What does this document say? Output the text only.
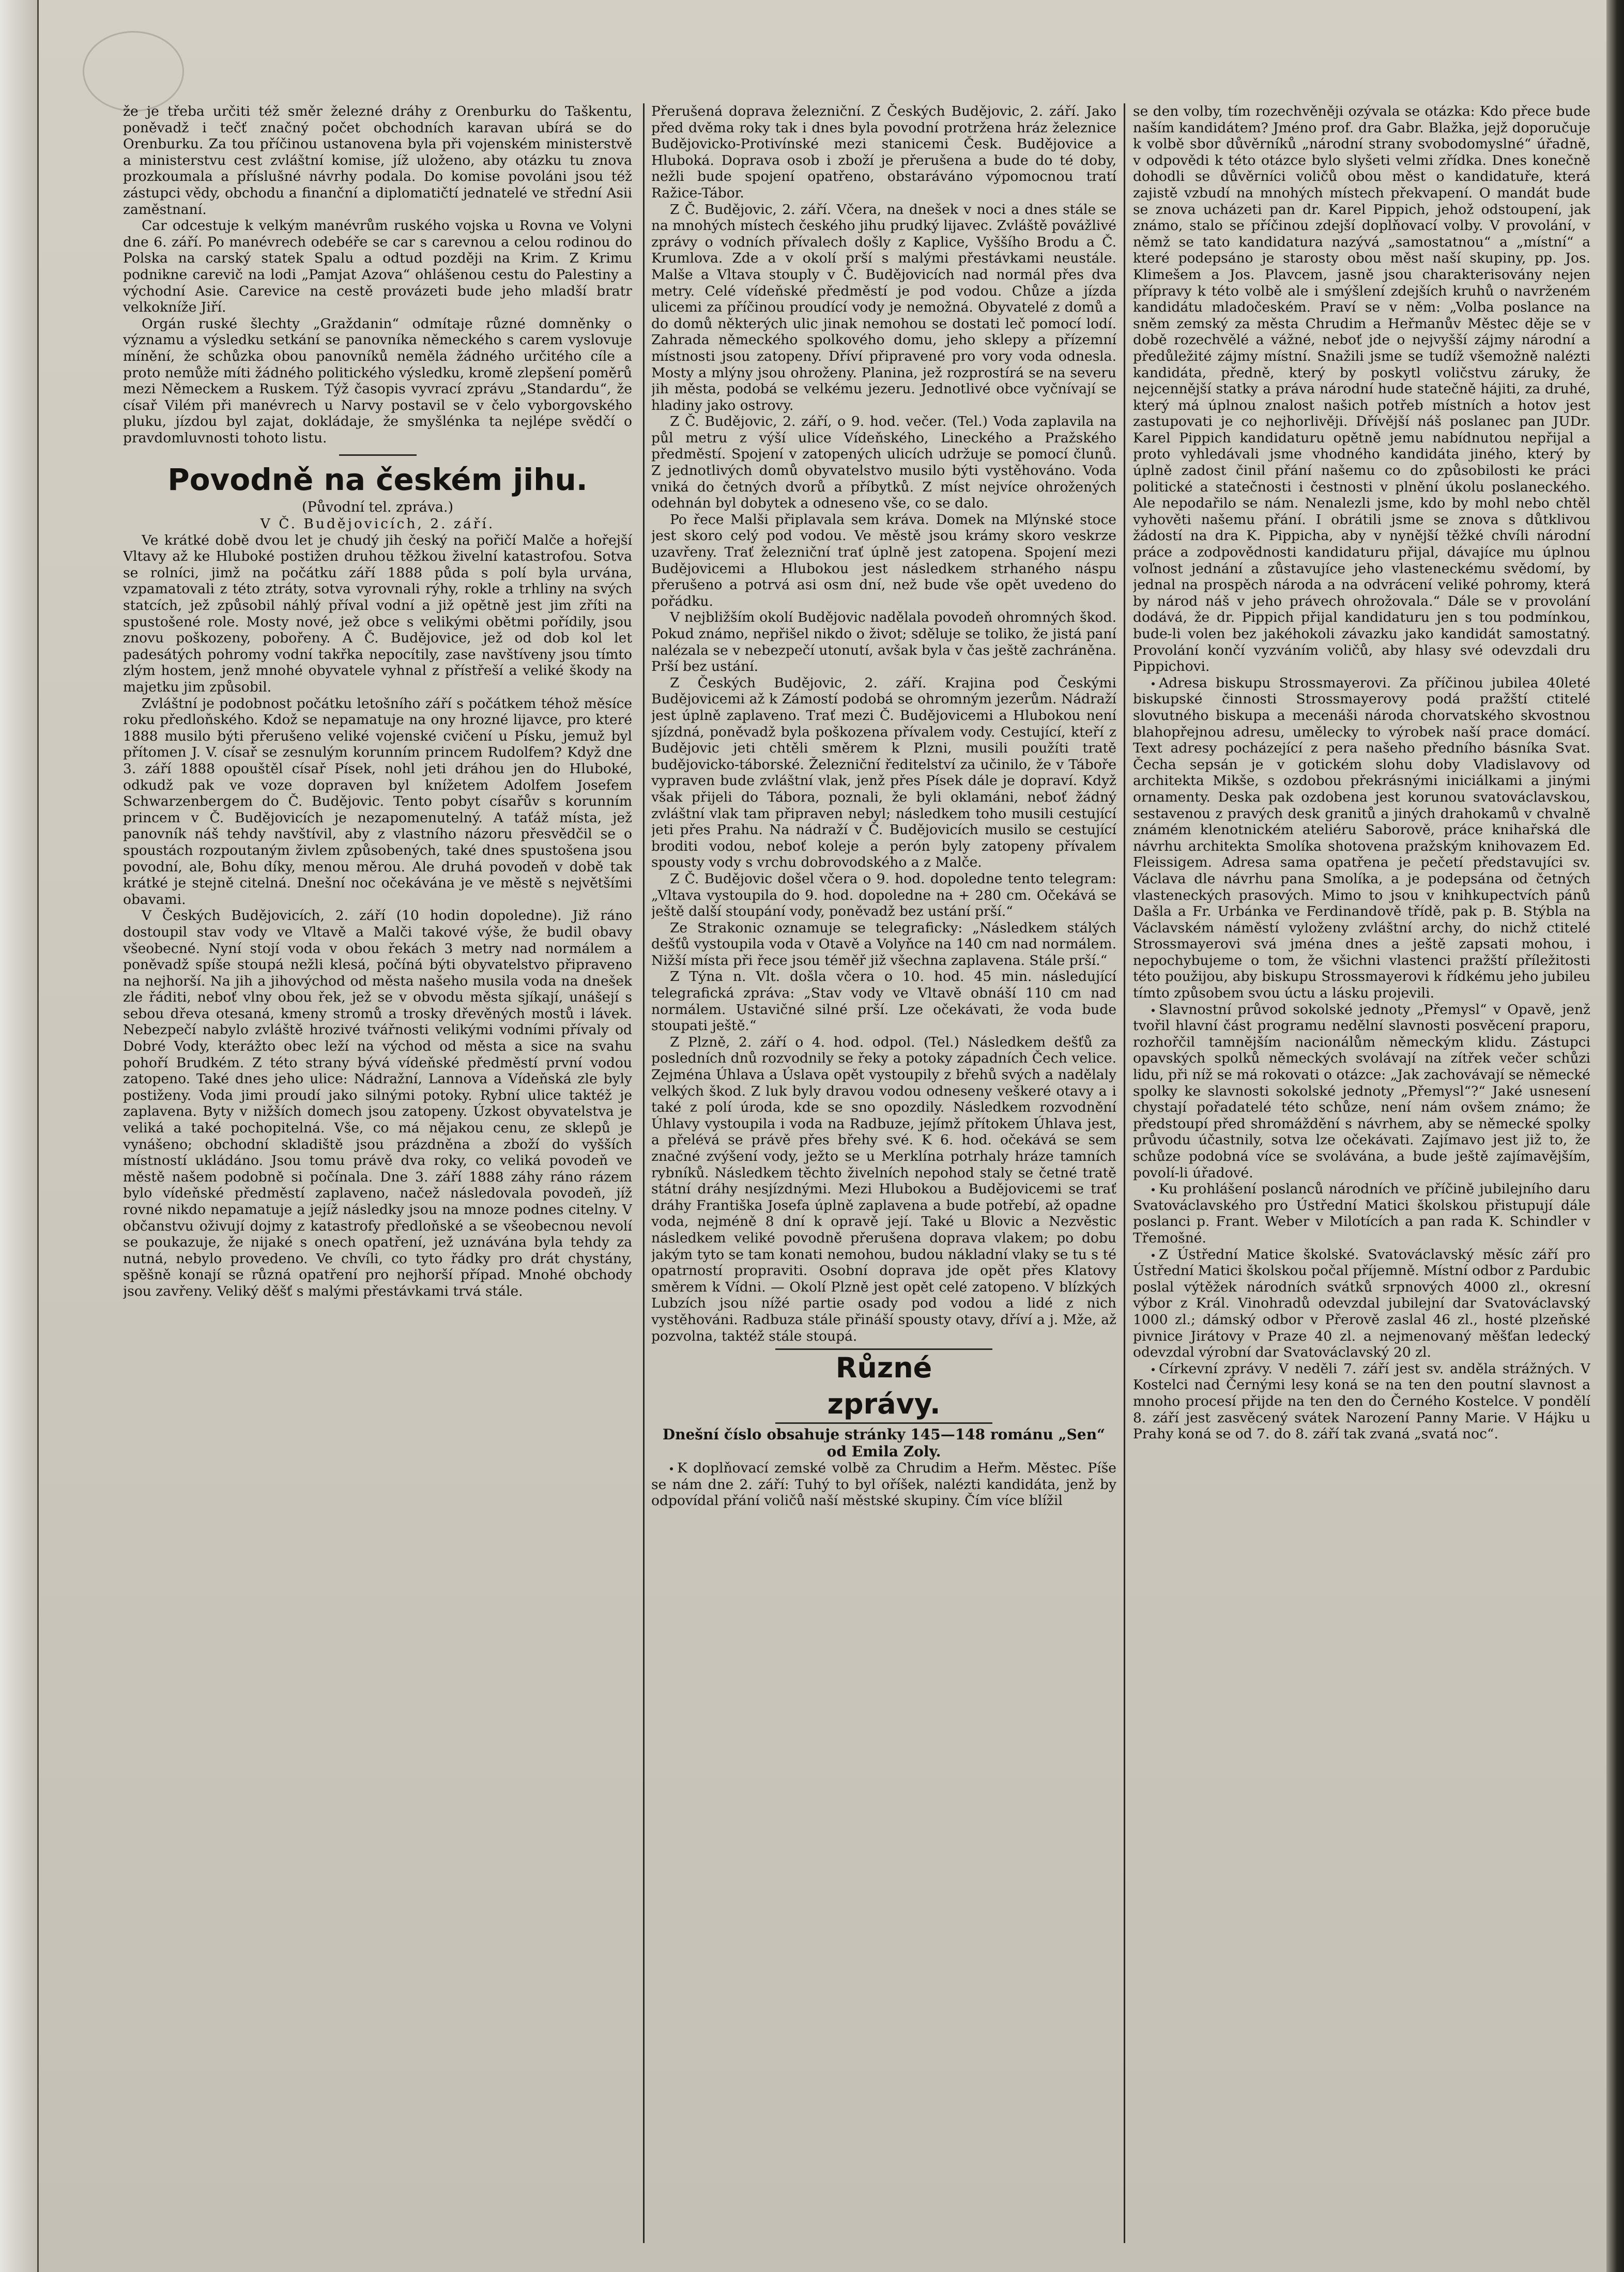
že je třeba určiti též směr železné dráhy z Orenburku do Taškentu, poněvadž i tečť značný počet obchodních karavan ubírá se do Orenburku. Za tou příčinou ustanovena byla při vojenském ministerstvě a ministerstvu cest zvláštní komise, jíž uloženo, aby otázku tu znova prozkoumala a příslušné návrhy podala. Do komise povoláni jsou též zástupci vědy, obchodu a finanční a diplomatičtí jednatelé ve střední Asii zaměstnaní.

Car odcestuje k velkým manévrům ruského vojska u Rovna ve Volyni dne 6. září. Po manévrech odebéře se car s carevnou a celou rodinou do Polska na carský statek Spalu a odtud později na Krim. Z Krimu podnikne carevič na lodi „Pamjat Azova“ ohlášenou cestu do Palestiny a východní Asie. Carevice na cestě provázeti bude jeho mladší bratr velkokníže Jiří.

Orgán ruské šlechty „Graždanin“ odmítaje různé domněnky o významu a výsledku setkání se panovníka německého s carem vyslovuje mínění, že schůzka obou panovníků neměla žádného určitého cíle a proto nemůže míti žádného politického výsledku, kromě zlepšení poměrů mezi Německem a Ruskem. Týž časopis vyvrací zprávu „Standardu“, že císař Vilém při manévrech u Narvy postavil se v čelo vyborgovského pluku, jízdou byl zajat, dokládaje, že smyšlénka ta nejlépe svědčí o pravdomluvnosti tohoto listu.

Povodně na českém jihu.

(Původní tel. zpráva.)

V Č. Budějovicích, 2. září.

Ve krátké době dvou let je chudý jih český na pořičí Malče a hořejší Vltavy až ke Hluboké postižen druhou těžkou živelní katastrofou. Sotva se rolníci, jimž na počátku září 1888 půda s polí byla urvána, vzpamatovali z této ztráty, sotva vyrovnali rýhy, rokle a trhliny na svých statcích, jež způsobil náhlý příval vodní a již opětně jest jim zříti na spustošené role. Mosty nové, jež obce s velikými obětmi pořídily, jsou znovu poškozeny, pobořeny. A Č. Budějovice, jež od dob kol let padesátých pohromy vodní takřka nepocítily, zase navštíveny jsou tímto zlým hostem, jenž mnohé obyvatele vyhnal z přístřeší a veliké škody na majetku jim způsobil.

Zvláštní je podobnost počátku letošního září s počátkem téhož měsíce roku předloňského. Kdož se nepamatuje na ony hrozné lijavce, pro které 1888 musilo býti přerušeno veliké vojenské cvičení u Písku, jemuž byl přítomen J. V. císař se zesnulým korunním princem Rudolfem? Když dne 3. září 1888 opouštěl císař Písek, nohl jeti dráhou jen do Hluboké, odkudž pak ve voze dopraven byl knížetem Adolfem Josefem Schwarzenbergem do Č. Budějovic. Tento pobyt císařův s korunním princem v Č. Budějovicích je nezapomenutelný. A taťáž místa, jež panovník náš tehdy navštívil, aby z vlastního názoru přesvědčil se o spoustách rozpoutaným živlem způsobených, také dnes spustošena jsou povodní, ale, Bohu díky, menou měrou. Ale druhá povodeň v době tak krátké je stejně citelná. Dnešní noc očekávána je ve městě s největšími obavami.

V Českých Budějovicích, 2. září (10 hodin dopoledne). Již ráno dostoupil stav vody ve Vltavě a Malči takové výše, že budil obavy všeobecné. Nyní stojí voda v obou řekách 3 metry nad normálem a poněvadž spíše stoupá nežli klesá, počíná býti obyvatelstvo připraveno na nejhorší. Na jih a jihovýchod od města našeho musila voda na dnešek zle řáditi, neboť vlny obou řek, jež se v obvodu města sjíkají, unášejí s sebou dřeva otesaná, kmeny stromů a trosky dřevěných mostů i lávek. Nebezpečí nabylo zvláště hrozivé tvářnosti velikými vodními přívaly od Dobré Vody, kterážto obec leží na východ od města a sice na svahu pohoří Brudkém. Z této strany bývá vídeňské předměstí první vodou zatopeno. Také dnes jeho ulice: Nádražní, Lannova a Vídeňská zle byly postiženy. Voda jimi proudí jako silnými potoky. Rybní ulice taktéž je zaplavena. Byty v nižších domech jsou zatopeny. Úzkost obyvatelstva je veliká a také pochopitelná. Vše, co má nějakou cenu, ze sklepů je vynášeno; obchodní skladiště jsou prázdněna a zboží do vyšších místností ukládáno. Jsou tomu právě dva roky, co veliká povodeň ve městě našem podobně si počínala. Dne 3. září 1888 záhy ráno rázem bylo vídeňské předměstí zaplaveno, načež následovala povodeň, jíž rovné nikdo nepamatuje a jejíž následky jsou na mnoze podnes citelny. V občanstvu oživují dojmy z katastrofy předloňské a se všeobecnou nevolí se poukazuje, že nijaké s onech opatření, jež uznávána byla tehdy za nutná, nebylo provedeno. Ve chvíli, co tyto řádky pro drát chystány, spěšně konají se různá opatření pro nejhorší případ. Mnohé obchody jsou zavřeny. Veliký děšť s malými přestávkami trvá stále.

Přerušená doprava železniční. Z Českých Budějovic, 2. září. Jako před dvěma roky tak i dnes byla povodní protržena hráz železnice Budějovicko-Protivínské mezi stanicemi Česk. Budějovice a Hluboká. Doprava osob i zboží je přerušena a bude do té doby, nežli bude spojení opatřeno, obstaráváno výpomocnou tratí Ražice-Tábor.

Z Č. Budějovic, 2. září. Včera, na dnešek v noci a dnes stále se na mnohých místech českého jihu prudký lijavec. Zvláště povážlivé zprávy o vodních přívalech došly z Kaplice, Vyššího Brodu a Č. Krumlova. Zde a v okolí prší s malými přestávkami neustále. Malše a Vltava stouply v Č. Budějovicích nad normál přes dva metry. Celé vídeňské předměstí je pod vodou. Chůze a jízda ulicemi za příčinou proudící vody je nemožná. Obyvatelé z domů a do domů některých ulic jinak nemohou se dostati leč pomocí lodí. Zahrada německého spolkového domu, jeho sklepy a přízemní místnosti jsou zatopeny. Dříví připravené pro vory voda odnesla. Mosty a mlýny jsou ohroženy. Planina, jež rozprostírá se na severu jih města, podobá se velkému jezeru. Jednotlivé obce vyčnívají se hladiny jako ostrovy.

Z Č. Budějovic, 2. září, o 9. hod. večer. (Tel.) Voda zaplavila na půl metru z výší ulice Vídeňského, Lineckého a Pražského předměstí. Spojení v zatopených ulicích udržuje se pomocí člunů. Z jednotlivých domů obyvatelstvo musilo býti vystěhováno. Voda vniká do četných dvorů a příbytků. Z míst nejvíce ohrožených odehnán byl dobytek a odneseno vše, co se dalo.

Po řece Malši připlavala sem kráva. Domek na Mlýnské stoce jest skoro celý pod vodou. Ve městě jsou krámy skoro veskrze uzavřeny. Trať železniční trať úplně jest zatopena. Spojení mezi Budějovicemi a Hlubokou jest následkem strhaného náspu přerušeno a potrvá asi osm dní, než bude vše opět uvedeno do pořádku.

V nejbližším okolí Budějovic nadělala povodeň ohromných škod. Pokud známo, nepřišel nikdo o život; sděluje se toliko, že jistá paní nalézala se v nebezpečí utonutí, avšak byla v čas ještě zachráněna. Prší bez ustání.

Z Českých Budějovic, 2. září. Krajina pod Českými Budějovicemi až k Zámostí podobá se ohromným jezerům. Nádraží jest úplně zaplaveno. Trať mezi Č. Budějovicemi a Hlubokou není sjízdná, poněvadž byla poškozena přívalem vody. Cestující, kteří z Budějovic jeti chtěli směrem k Plzni, musili použíti tratě budějovicko-táborské. Železniční ředitelství za učinilo, že v Táboře vypraven bude zvláštní vlak, jenž přes Písek dále je dopraví. Když však přijeli do Tábora, poznali, že byli oklamáni, neboť žádný zvláštní vlak tam připraven nebyl; následkem toho musili cestující jeti přes Prahu. Na nádraží v Č. Budějovicích musilo se cestující broditi vodou, neboť koleje a perón byly zatopeny přívalem spousty vody s vrchu dobrovodského a z Malče.

Z Č. Budějovic došel včera o 9. hod. dopoledne tento telegram: „Vltava vystoupila do 9. hod. dopoledne na + 280 cm. Očekává se ještě další stoupání vody, poněvadž bez ustání prší.“

Ze Strakonic oznamuje se telegraficky: „Následkem stálých dešťů vystoupila voda v Otavě a Volyňce na 140 cm nad normálem. Nižší místa při řece jsou téměř již všechna zaplavena. Stále prší.“

Z Týna n. Vlt. došla včera o 10. hod. 45 min. následující telegrafická zpráva: „Stav vody ve Vltavě obnáší 110 cm nad normálem. Ustavičné silné prší. Lze očekávati, že voda bude stoupati ještě.“

Z Plzně, 2. září o 4. hod. odpol. (Tel.) Následkem dešťů za posledních dnů rozvodnily se řeky a potoky západních Čech velice. Zejména Úhlava a Úslava opět vystoupily z břehů svých a nadělaly velkých škod. Z luk byly dravou vodou odneseny veškeré otavy a i také z polí úroda, kde se sno opozdily. Následkem rozvodnění Úhlavy vystoupila i voda na Radbuze, jejímž přítokem Úhlava jest, a přelévá se právě přes břehy své. K 6. hod. očekává se sem značné zvýšení vody, ježto se u Merklína potrhaly hráze tamních rybníků. Následkem těchto živelních nepohod staly se četné tratě státní dráhy nesjízdnými. Mezi Hlubokou a Budějovicemi se trať dráhy Františka Josefa úplně zaplavena a bude potřebí, až opadne voda, nejméně 8 dní k opravě její. Také u Blovic a Nezvěstic následkem veliké povodně přerušena doprava vlakem; po dobu jakým tyto se tam konati nemohou, budou nákladní vlaky se tu s té opatrností propraviti. Osobní doprava jde opět přes Klatovy směrem k Vídni. — Okolí Plzně jest opět celé zatopeno. V blízkých Lubzích jsou nížé partie osady pod vodou a lidé z nich vystěhováni. Radbuza stále přináší spousty otavy, dříví a j. Mže, až pozvolna, taktéž stále stoupá.

Různé zprávy.

Dnešní číslo obsahuje stránky 145—148 románu „Sen“ od Emila Zoly.

K doplňovací zemské volbě za Chrudim a Heřm. Městec. Píše se nám dne 2. září: Tuhý to byl oříšek, nalézti kandidáta, jenž by odpovídal přání voličů naší městské skupiny. Čím více blížil

se den volby, tím rozechvěněji ozývala se otázka: Kdo přece bude naším kandidátem? Jméno prof. dra Gabr. Blažka, jejž doporučuje k volbě sbor důvěrníků „národní strany svobodomyslné“ úřadně, v odpovědi k této otázce bylo slyšeti velmi zřídka. Dnes konečně dohodli se důvěrníci voličů obou měst o kandidatuře, která zajistě vzbudí na mnohých místech překvapení. O mandát bude se znova ucházeti pan dr. Karel Pippich, jehož odstoupení, jak známo, stalo se příčinou zdejší doplňovací volby. V provolání, v němž se tato kandidatura nazývá „samostatnou“ a „místní“ a které podepsáno je starosty obou měst naší skupiny, pp. Jos. Klimešem a Jos. Plavcem, jasně jsou charakterisovány nejen přípravy k této volbě ale i smýšlení zdejších kruhů o navrženém kandidátu mladočeském. Praví se v něm: „Volba poslance na sněm zemský za města Chrudim a Heřmanův Městec děje se v době rozechvělé a vážné, neboť jde o nejvyšší zájmy národní a předůležité zájmy místní. Snažili jsme se tudíž všemožně nalézti kandidáta, předně, který by poskytl voličstvu záruky, že nejcennější statky a práva národní hude statečně hájiti, za druhé, který má úplnou znalost našich potřeb místních a hotov jest zastupovati je co nejhorlivěji. Dřívější náš poslanec pan JUDr. Karel Pippich kandidaturu opětně jemu nabídnutou nepřijal a proto vyhledávali jsme vhodného kandidáta jiného, který by úplně zadost činil přání našemu co do způsobilosti ke práci politické a statečnosti i čestnosti v plnění úkolu poslaneckého. Ale nepodařilo se nám. Nenalezli jsme, kdo by mohl nebo chtěl vyhověti našemu přání. I obrátili jsme se znova s důtklivou žádostí na dra K. Pippicha, aby v nynější těžké chvíli národní práce a zodpovědnosti kandidaturu přijal, dávajíce mu úplnou voľnost jednání a zůstavujíce jeho vlasteneckému svědomí, by jednal na prospěch národa a na odvrácení veliké pohromy, která by národ náš v jeho právech ohrožovala.“ Dále se v provolání dodává, že dr. Pippich přijal kandidaturu jen s tou podmínkou, bude-li volen bez jakéhokoli závazku jako kandidát samostatný. Provolání končí vyzváním voličů, aby hlasy své odevzdali dru Pippichovi.

Adresa biskupu Strossmayerovi. Za příčinou jubilea 40leté biskupské činnosti Strossmayerovy podá pražští ctitelé slovutného biskupa a mecenáši národa chorvatského skvostnou blahopřejnou adresu, umělecky to výrobek naší prace domácí. Text adresy pocházející z pera našeho předního básníka Svat. Čecha sepsán je v gotickém slohu doby Vladislavovy od architekta Mikše, s ozdobou překrásnými iniciálkami a jinými ornamenty. Deska pak ozdobena jest korunou svatováclavskou, sestavenou z pravých desk granitů a jiných drahokamů v chvalně známém klenotnickém ateliéru Saborově, práce knihařská dle návrhu architekta Smolíka shotovena pražským knihovazem Ed. Fleissigem. Adresa sama opatřena je pečetí představujíci sv. Václava dle návrhu pana Smolíka, a je podepsána od četných vlasteneckých prasových. Mimo to jsou v knihkupectvích pánů Dašla a Fr. Urbánka ve Ferdinandově třídě, pak p. B. Stýbla na Václavském náměstí vyloženy zvláštní archy, do nichž ctitelé Strossmayerovi svá jména dnes a ještě zapsati mohou, i nepochybujeme o tom, že všichni vlastenci pražští příležitosti této použijou, aby biskupu Strossmayerovi k řídkému jeho jubileu tímto způsobem svou úctu a lásku projevili.

Slavnostní průvod sokolské jednoty „Přemysl“ v Opavě, jenž tvořil hlavní část programu nedělní slavnosti posvěcení praporu, rozhořčil tamnějším nacionálům německým klidu. Zástupci opavských spolků německých svolávají na zítřek večer schůzi lidu, při níž se má rokovati o otázce: „Jak zachovávají se německé spolky ke slavnosti sokolské jednoty „Přemysl“?“ Jaké usnesení chystají pořadatelé této schůze, není nám ovšem známo; že předstoupí před shromáždění s návrhem, aby se německé spolky průvodu účastnily, sotva lze očekávati. Zajímavo jest již to, že schůze podobná více se svolávána, a bude ještě zajímavějším, povolí-li úřadové.

Ku prohlášení poslanců národních ve příčině jubilejního daru Svatováclavského pro Ústřední Matici školskou přistupují dále poslanci p. Frant. Weber v Milotících a pan rada K. Schindler v Třemošné.

Z Ústřední Matice školské. Svatováclavský měsíc září pro Ústřední Matici školskou počal příjemně. Místní odbor z Pardubic poslal výtěžek národních svátků srpnových 4000 zl., okresní výbor z Král. Vinohradů odevzdal jubilejní dar Svatováclavský 1000 zl.; dámský odbor v Přerově zaslal 46 zl., hosté plzeňské pivnice Jirátovy v Praze 40 zl. a nejmenovaný měšťan ledecký odevzdal výrobní dar Svatováclavský 20 zl.

Církevní zprávy. V neděli 7. září jest sv. anděla strážných. V Kostelci nad Černými lesy koná se na ten den poutní slavnost a mnoho procesí přijde na ten den do Černého Kostelce. V pondělí 8. září jest zasvěcený svátek Narození Panny Marie. V Hájku u Prahy koná se od 7. do 8. září tak zvaná „svatá noc“.
